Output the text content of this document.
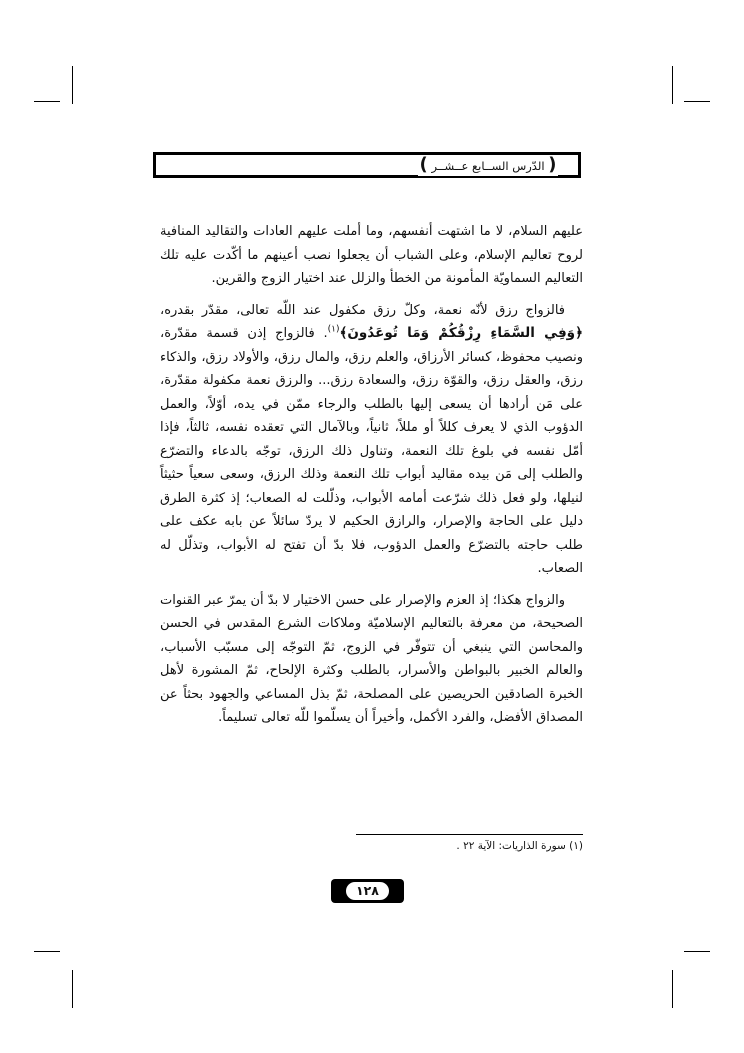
( الدّرس الســابع عــشــر )

عليهم السلام، لا ما اشتهت أنفسهم، وما أملت عليهم العادات والتقاليد المنافية لروح تعاليم الإسلام، وعلى الشباب أن يجعلوا نصب أعينهم ما أكّدت عليه تلك التعاليم السماويّة المأمونة من الخطأ والزلل عند اختيار الزوج والقرين.

فالزواج رزق لأنّه نعمة، وكلّ رزق مكفول عند اللّه تعالى، مقدّر بقدره، ﴿وَفِي السَّمَاءِ رِزْقُكُمْ وَمَا تُوعَدُونَ﴾$^{(١)}$. فالزواج إذن قسمة مقدّرة، ونصيب محفوظ، كسائر الأرزاق، والعلم رزق، والمال رزق، والأولاد رزق، والذكاء رزق، والعقل رزق، والقوّة رزق، والسعادة رزق... والرزق نعمة مكفولة مقدّرة، على مَن أرادها أن يسعى إليها بالطلب والرجاء ممّن في يده، أوّلاً، والعمل الدؤوب الذي لا يعرف كللاً أو مللاً، ثانياً، وبالآمال التي تعقده نفسه، ثالثاً، فإذا أمّل نفسه في بلوغ تلك النعمة، وتناول ذلك الرزق، توجّه بالدعاء والتضرّع والطلب إلى مَن بيده مقاليد أبواب تلك النعمة وذلك الرزق، وسعى سعياً حثيثاً لنيلها، ولو فعل ذلك شرّعت أمامه الأبواب، وذلّلت له الصعاب؛ إذ كثرة الطرق دليل على الحاجة والإصرار، والرازق الحكيم لا يردّ سائلاً عن بابه عكف على طلب حاجته بالتضرّع والعمل الدؤوب، فلا بدّ أن تفتح له الأبواب، وتذلّل له الصعاب.

والزواج هكذا؛ إذ العزم والإصرار على حسن الاختيار لا بدّ أن يمرّ عبر القنوات الصحيحة، من معرفة بالتعاليم الإسلاميّة وملاكات الشرع المقدس في الحسن والمحاسن التي ينبغي أن تتوفّر في الزوج، ثمّ التوجّه إلى مسبّب الأسباب، والعالم الخبير بالبواطن والأسرار، بالطلب وكثرة الإلحاح، ثمّ المشورة لأهل الخبرة الصادقين الحريصين على المصلحة، ثمّ بذل المساعي والجهود بحثاً عن المصداق الأفضل، والفرد الأكمل، وأخيراً أن يسلّموا للّه تعالى تسليماً.

(١) سورة الذاريات: الآية ٢٢ .
١٢٨
